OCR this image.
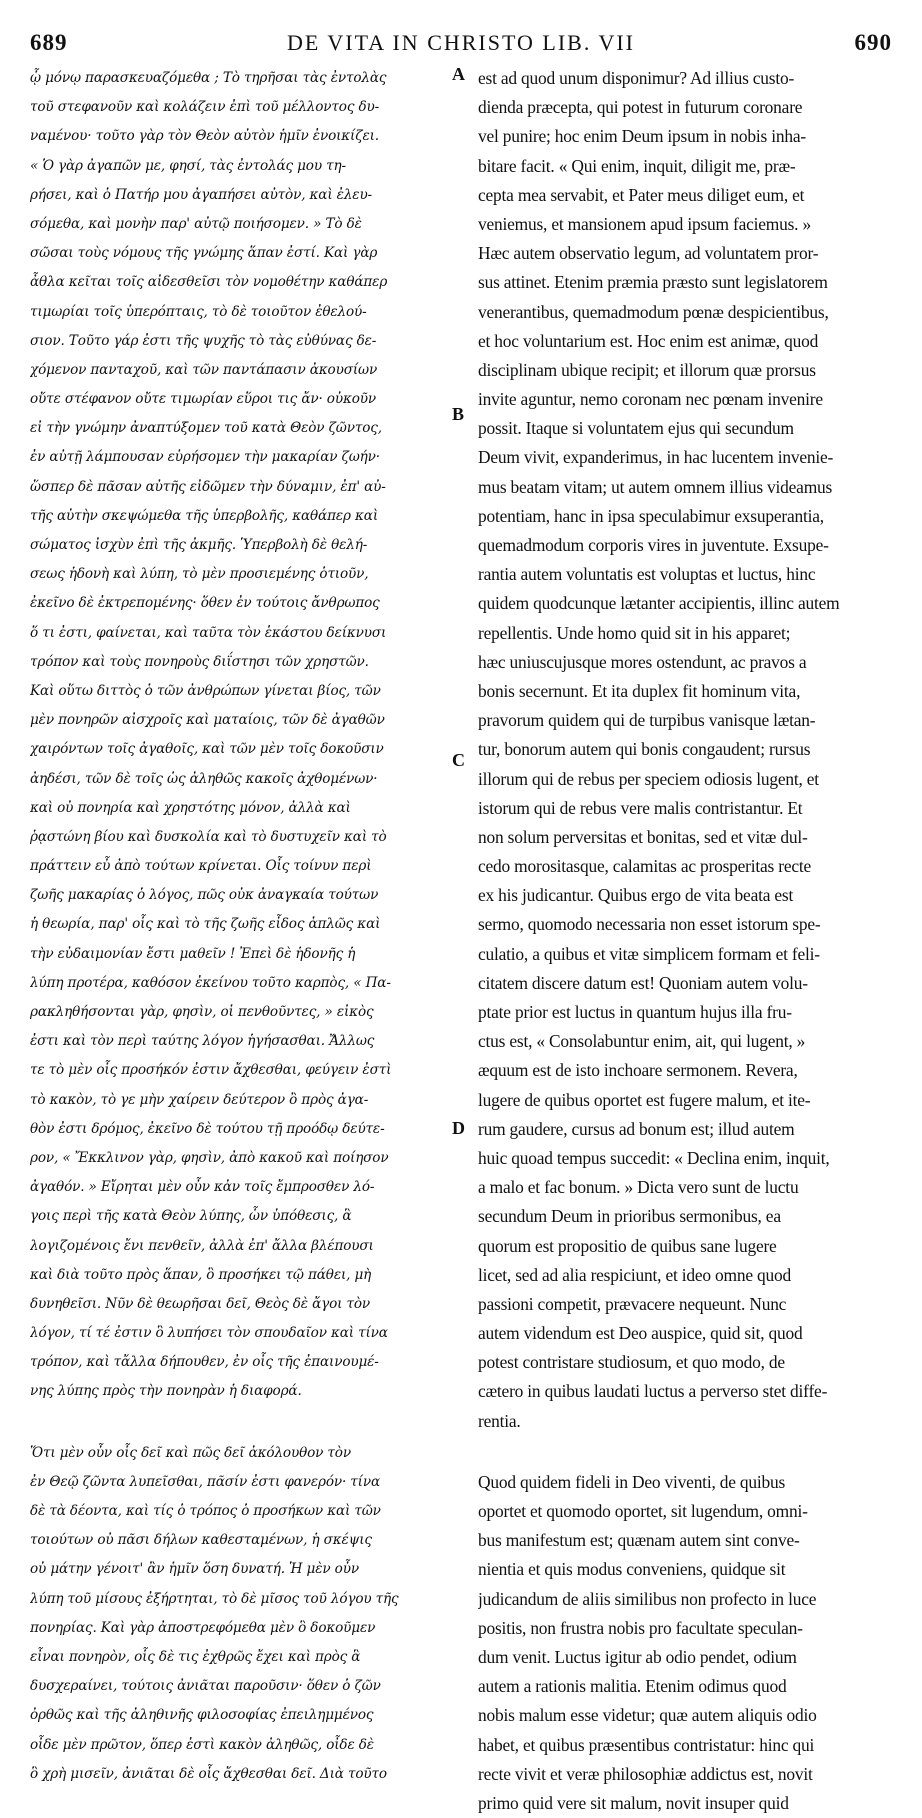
689	DE VITA IN CHRISTO LIB. VII	690
ᾧ μόνῳ παρασκευαζόμεθα ; Τὸ τηρῆσαι τὰς ἐντολὰς
τοῦ στεφανοῦν καὶ κολάζειν ἐπὶ τοῦ μέλλοντος δυ-
ναμένου· τοῦτο γὰρ τὸν Θεὸν αὐτὸν ἡμῖν ἐνοικίζει.
« Ὁ γὰρ ἀγαπῶν με, φησί, τὰς ἐντολάς μου τη-
ρήσει, καὶ ὁ Πατήρ μου ἀγαπήσει αὐτὸν, καὶ ἐλευ-
σόμεθα, καὶ μονὴν παρ' αὐτῷ ποιήσομεν. » Τὸ δὲ
σῶσαι τοὺς νόμους τῆς γνώμης ἅπαν ἐστί. Καὶ γὰρ
ἆθλα κεῖται τοῖς αἰδεσθεῖσι τὸν νομοθέτην καθάπερ
τιμωρίαι τοῖς ὑπερόπταις, τὸ δὲ τοιοῦτον ἐθελού-
σιον. Τοῦτο γάρ ἐστι τῆς ψυχῆς τὸ τὰς εὐθύνας δε-
χόμενον πανταχοῦ, καὶ τῶν παντάπασιν ἀκουσίων
οὔτε στέφανον οὔτε τιμωρίαν εὕροι τις ἄν· οὐκοῦν
εἰ τὴν γνώμην ἀναπτύξομεν τοῦ κατὰ Θεὸν ζῶντος,
ἐν αὐτῇ λάμπουσαν εὑρήσομεν τὴν μακαρίαν ζωήν·
ὥσπερ δὲ πᾶσαν αὐτῆς εἰδῶμεν τὴν δύναμιν, ἐπ' αὐ-
τῆς αὐτὴν σκεψώμεθα τῆς ὑπερβολῆς, καθάπερ καὶ
σώματος ἰσχὺν ἐπὶ τῆς ἀκμῆς. Ὑπερβολὴ δὲ θελή-
σεως ἡδονὴ καὶ λύπη, τὸ μὲν προσιεμένης ὁτιοῦν,
ἐκεῖνο δὲ ἐκτρεπομένης· ὅθεν ἐν τούτοις ἄνθρωπος
ὅ τι ἐστι, φαίνεται, καὶ ταῦτα τὸν ἑκάστου δείκνυσι
τρόπον καὶ τοὺς πονηροὺς διΐστησι τῶν χρηστῶν.
Καὶ οὕτω διττὸς ὁ τῶν ἀνθρώπων γίνεται βίος, τῶν
μὲν πονηρῶν αἰσχροῖς καὶ ματαίοις, τῶν δὲ ἀγαθῶν
χαιρόντων τοῖς ἀγαθοῖς, καὶ τῶν μὲν τοῖς δοκοῦσιν
ἀηδέσι, τῶν δὲ τοῖς ὡς ἀληθῶς κακοῖς ἀχθομένων·
καὶ οὐ πονηρία καὶ χρηστότης μόνον, ἀλλὰ καὶ
ῥᾳστώνη βίου καὶ δυσκολία καὶ τὸ δυστυχεῖν καὶ τὸ
πράττειν εὖ ἀπὸ τούτων κρίνεται. Οἷς τοίνυν περὶ
ζωῆς μακαρίας ὁ λόγος, πῶς οὐκ ἀναγκαία τούτων
ἡ θεωρία, παρ' οἷς καὶ τὸ τῆς ζωῆς εἶδος ἁπλῶς καὶ
τὴν εὐδαιμονίαν ἔστι μαθεῖν ! Ἐπεὶ δὲ ἡδονῆς ἡ
λύπη προτέρα, καθόσον ἐκείνου τοῦτο καρπὸς, « Πα-
ρακληθήσονται γὰρ, φησὶν, οἱ πενθοῦντες, » εἰκὸς
ἐστι καὶ τὸν περὶ ταύτης λόγον ἡγήσασθαι. Ἄλλως
τε τὸ μὲν οἷς προσήκόν ἐστιν ἄχθεσθαι, φεύγειν ἐστὶ
τὸ κακὸν, τὸ γε μὴν χαίρειν δεύτερον ὂ πρὸς ἀγα-
θὸν ἐστι δρόμος, ἐκεῖνο δὲ τούτου τῇ προόδῳ δεύτε-
ρον, « Ἔκκλινον γὰρ, φησὶν, ἀπὸ κακοῦ καὶ ποίησον
ἀγαθόν. » Εἴρηται μὲν οὖν κἀν τοῖς ἔμπροσθεν λό-
γοις περὶ τῆς κατὰ Θεὸν λύπης, ὧν ὑπόθεσις, ἃ
λογιζομένοις ἔνι πενθεῖν, ἀλλὰ ἐπ' ἄλλα βλέπουσι
καὶ διὰ τοῦτο πρὸς ἅπαν, ὃ προσήκει τῷ πάθει, μὴ
δυνηθεῖσι. Νῦν δὲ θεωρῆσαι δεῖ, Θεὸς δὲ ἄγοι τὸν
λόγον, τί τέ ἐστιν ὃ λυπήσει τὸν σπουδαῖον καὶ τίνα
τρόπον, καὶ τἄλλα δήπουθεν, ἐν οἷς τῆς ἐπαινουμέ-
νης λύπης πρὸς τὴν πονηρὰν ἡ διαφορά.
Ὅτι μὲν οὖν οἷς δεῖ καὶ πῶς δεῖ ἀκόλουθον τὸν
ἐν Θεῷ ζῶντα λυπεῖσθαι, πᾶσίν ἐστι φανερόν· τίνα
δὲ τὰ δέοντα, καὶ τίς ὁ τρόπος ὁ προσήκων καὶ τῶν
τοιούτων οὐ πᾶσι δήλων καθεσταμένων, ἡ σκέψις
οὐ μάτην γένοιτ' ἂν ἡμῖν ὅση δυνατή. Ἡ μὲν οὖν
λύπη τοῦ μίσους ἐξήρτηται, τὸ δὲ μῖσος τοῦ λόγου τῆς
πονηρίας. Καὶ γὰρ ἀποστρεφόμεθα μὲν ὃ δοκοῦμεν
εἶναι πονηρὸν, οἷς δὲ τις ἐχθρῶς ἔχει καὶ πρὸς ἃ
δυσχεραίνει, τούτοις ἀνιᾶται παροῦσιν· ὅθεν ὁ ζῶν
ὀρθῶς καὶ τῆς ἀληθινῆς φιλοσοφίας ἐπειλημμένος
οἶδε μὲν πρῶτον, ὅπερ ἐστὶ κακὸν ἀληθῶς, οἶδε δὲ
ὃ χρὴ μισεῖν, ἀνιᾶται δὲ οἷς ἄχθεσθαι δεῖ. Διὰ τοῦτο
est ad quod unum disponimur? Ad illius custo-
dienda præcepta, qui potest in futurum coronare
vel punire; hoc enim Deum ipsum in nobis inha-
bitare facit. « Qui enim, inquit, diligit me, præ-
cepta mea servabit, et Pater meus diliget eum, et
veniemus, et mansionem apud ipsum faciemus. »
Hæc autem observatio legum, ad voluntatem pror-
sus attinet. Etenim præmia præsto sunt legislatorem
venerantibus, quemadmodum pœnæ despicientibus,
et hoc voluntarium est. Hoc enim est animæ, quod
disciplinam ubique recipit; et illorum quæ prorsus
invite aguntur, nemo coronam nec pœnam invenire
possit. Itaque si voluntatem ejus qui secundum
Deum vivit, expanderimus, in hac lucentem invenie-
mus beatam vitam; ut autem omnem illius videamus
potentiam, hanc in ipsa speculabimur exsuperantia,
quemadmodum corporis vires in juventute. Exsupe-
rantia autem voluntatis est voluptas et luctus, hinc
quidem quodcunque lætanter accipientis, illinc autem
repellentis. Unde homo quid sit in his apparet;
hæc uniuscujusque mores ostendunt, ac pravos a
bonis secernunt. Et ita duplex fit hominum vita,
pravorum quidem qui de turpibus vanisque lætan-
tur, bonorum autem qui bonis congaudent; rursus
illorum qui de rebus per speciem odiosis lugent, et
istorum qui de rebus vere malis contristantur. Et
non solum perversitas et bonitas, sed et vitæ dul-
cedo morositasque, calamitas ac prosperitas recte
ex his judicantur. Quibus ergo de vita beata est
sermo, quomodo necessaria non esset istorum spe-
culatio, a quibus et vitæ simplicem formam et feli-
citatem discere datum est! Quoniam autem volu-
ptate prior est luctus in quantum hujus illa fru-
ctus est, « Consolabuntur enim, ait, qui lugent, »
æquum est de isto inchoare sermonem. Revera,
lugere de quibus oportet est fugere malum, et ite-
rum gaudere, cursus ad bonum est; illud autem
huic quoad tempus succedit: « Declina enim, inquit,
a malo et fac bonum. » Dicta vero sunt de luctu
secundum Deum in prioribus sermonibus, ea
quorum est propositio de quibus sane lugere
licet, sed ad alia respiciunt, et ideo omne quod
passioni competit, prævacere nequeunt. Nunc
autem videndum est Deo auspice, quid sit, quod
potest contristare studiosum, et quo modo, de
cætero in quibus laudati luctus a perverso stet diffe-
rentia.
Quod quidem fideli in Deo viventi, de quibus
oportet et quomodo oportet, sit lugendum, omni-
bus manifestum est; quænam autem sint conve-
nientia et quis modus conveniens, quidque sit
judicandum de aliis similibus non profecto in luce
positis, non frustra nobis pro facultate speculan-
dum venit. Luctus igitur ab odio pendet, odium
autem a rationis malitia. Etenim odimus quod
nobis malum esse videtur; quæ autem aliquis odio
habet, et quibus præsentibus contristatur: hinc qui
recte vivit et veræ philosophiæ addictus est, novit
primo quid vere sit malum, novit insuper quid
A
B
C
D
